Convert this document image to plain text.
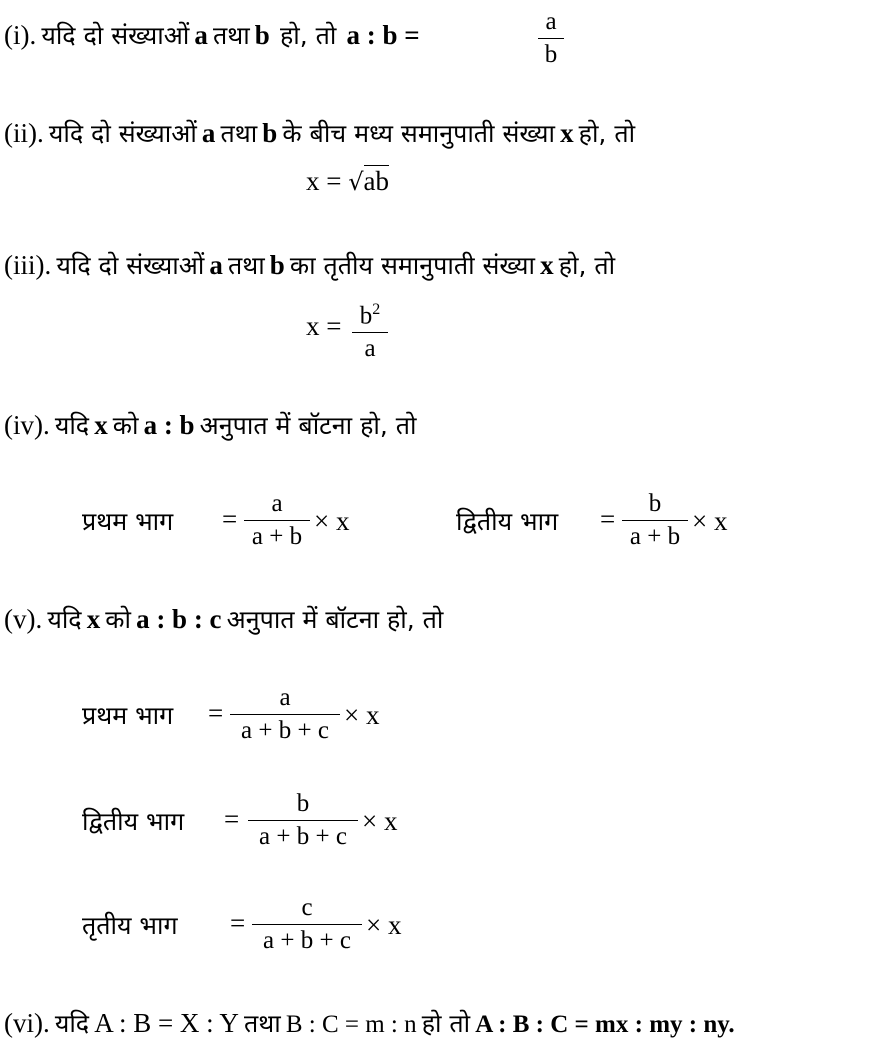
(i). यदि दो संख्याओं a तथा b हो, तो a : b =	a
b
(ii). यदि दो संख्याओं a तथा b के बीच मध्य समानुपाती संख्या x हो, तो
x = √ab
(iii). यदि दो संख्याओं a तथा b का तृतीय समानुपाती संख्या x हो, तो
$x = b^2$
a
(iv). यदि x को a : b अनुपात में बॉटना हो, तो
प्रथम भाग =
a
a + b
× x	द्वितीय भाग =
b
a + b
× x
(v). यदि x को a : b : c अनुपात में बॉटना हो, तो
प्रथम भाग =
a
a + b + c
× x
द्वितीय भाग =
b
a + b + c
× x
तृतीय भाग =
c
a + b + c
× x
(vi). यदि A : B = X : Y तथा B : C = m : n हो तो A : B : C = mx : my : ny.
